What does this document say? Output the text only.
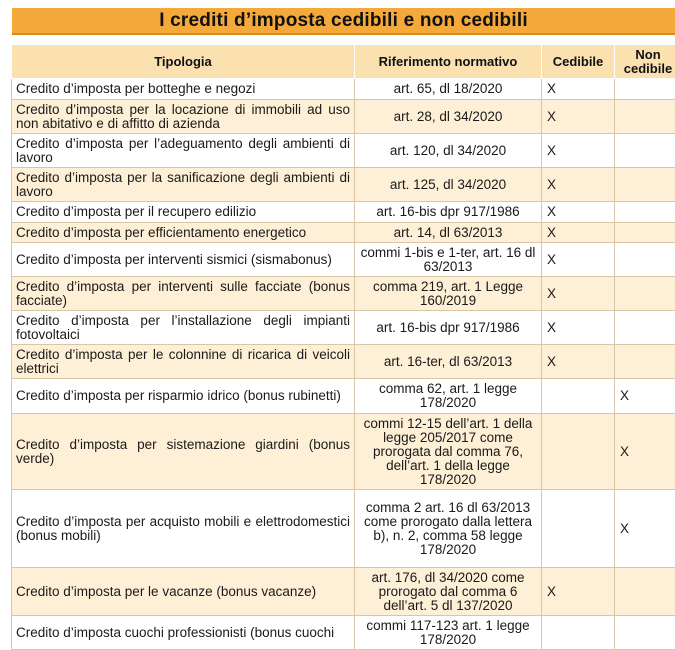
I crediti d’imposta cedibili e non cedibili
Tipologia	Riferimento normativo	Cedibile	Non cedibile
Credito d’imposta per botteghe e negozi	art. 65, dl 18/2020	X	
Credito d’imposta per la locazione di immobili ad uso non abitativo e di affitto di azienda	art. 28, dl 34/2020	X	
Credito d’imposta per l’adeguamento degli ambienti di lavoro	art. 120, dl 34/2020	X	
Credito d’imposta per la sanificazione degli ambienti di lavoro	art. 125, dl 34/2020	X	
Credito d’imposta per il recupero edilizio	art. 16-bis dpr 917/1986	X	
Credito d’imposta per efficientamento energetico	art. 14, dl 63/2013	X	
Credito d’imposta per interventi sismici (sismabonus)	commi 1-bis e 1-ter, art. 16 dl 63/2013	X	
Credito d’imposta per interventi sulle facciate (bonus facciate)	comma 219, art. 1 Legge 160/2019	X	
Credito d’imposta per l’installazione degli impianti fotovoltaici	art. 16-bis dpr 917/1986	X	
Credito d’imposta per le colonnine di ricarica di veicoli elettrici	art. 16-ter, dl 63/2013	X	
Credito d’imposta per risparmio idrico (bonus rubinetti)	comma 62, art. 1 legge 178/2020		X
Credito d’imposta per sistemazione giardini (bonus verde)	commi 12-15 dell’art. 1 della legge 205/2017 come prorogata dal comma 76, dell’art. 1 della legge 178/2020		X
Credito d’imposta per acquisto mobili e elettrodomestici (bonus mobili)	comma 2 art. 16 dl 63/2013 come prorogato dalla lettera b), n. 2, comma 58 legge 178/2020		X
Credito d’imposta per le vacanze (bonus vacanze)	art. 176, dl 34/2020 come prorogato dal comma 6 dell’art. 5 dl 137/2020	X	
Credito d’imposta cuochi professionisti (bonus cuochi	commi 117-123 art. 1 legge 178/2020		
